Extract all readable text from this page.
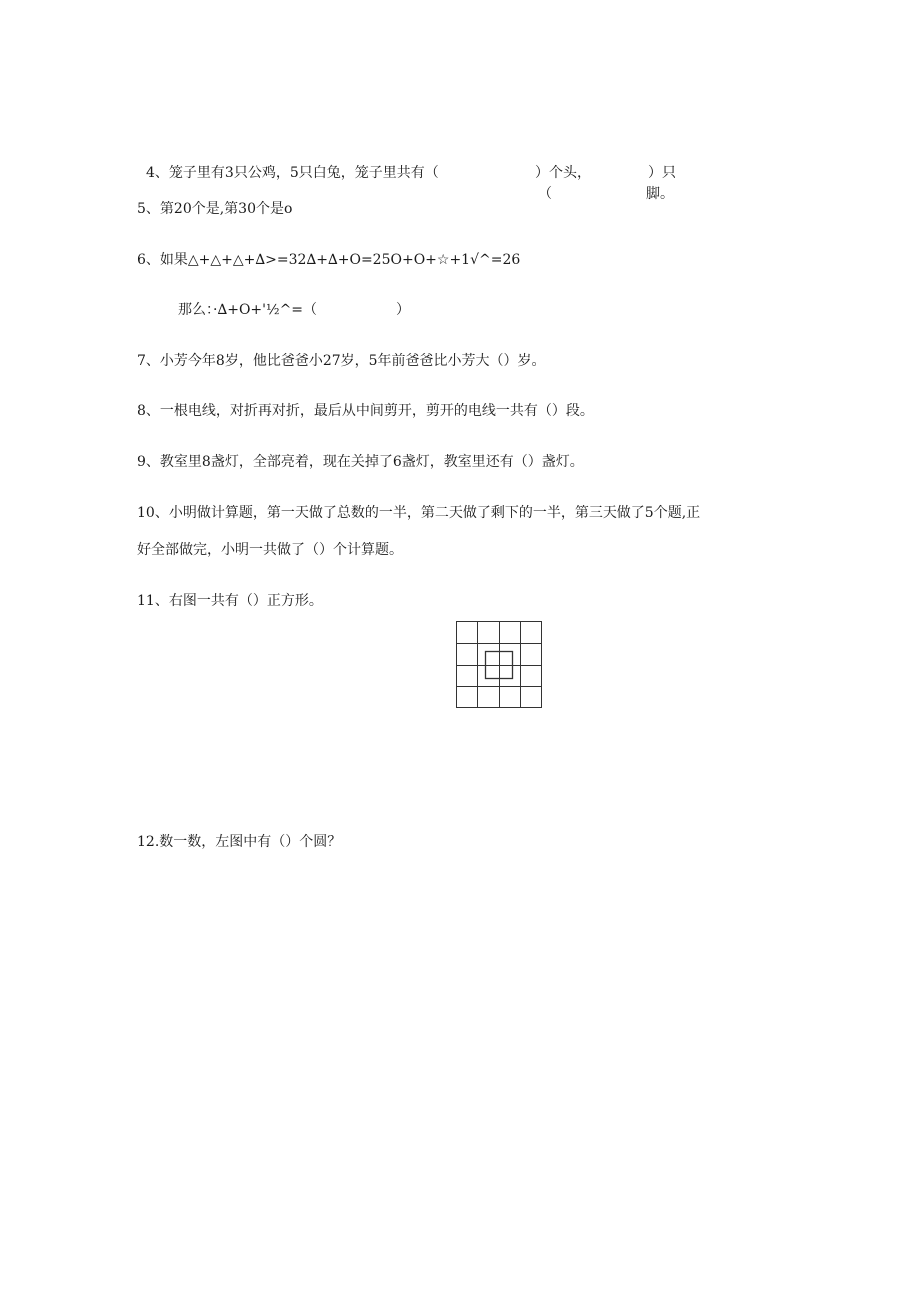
4、笼子里有3只公鸡，5只白兔，笼子里共有（	）个头，	）只
（	脚。
5、第20个是,第30个是o
6、如果△+△+△+∆>=32∆+∆+O=25O+O+☆+1√^=26
那么：·∆+O+'½^=（	）
7、小芳今年8岁，他比爸爸小27岁，5年前爸爸比小芳大（）岁。
8、一根电线，对折再对折，最后从中间剪开，剪开的电线一共有（）段。
9、教室里8盏灯，全部亮着，现在关掉了6盏灯，教室里还有（）盏灯。
10、小明做计算题，第一天做了总数的一半，第二天做了剩下的一半，第三天做了5个题,正
好全部做完，小明一共做了（）个计算题。
11、右图一共有（）正方形。
12.数一数，左图中有（）个圆？
